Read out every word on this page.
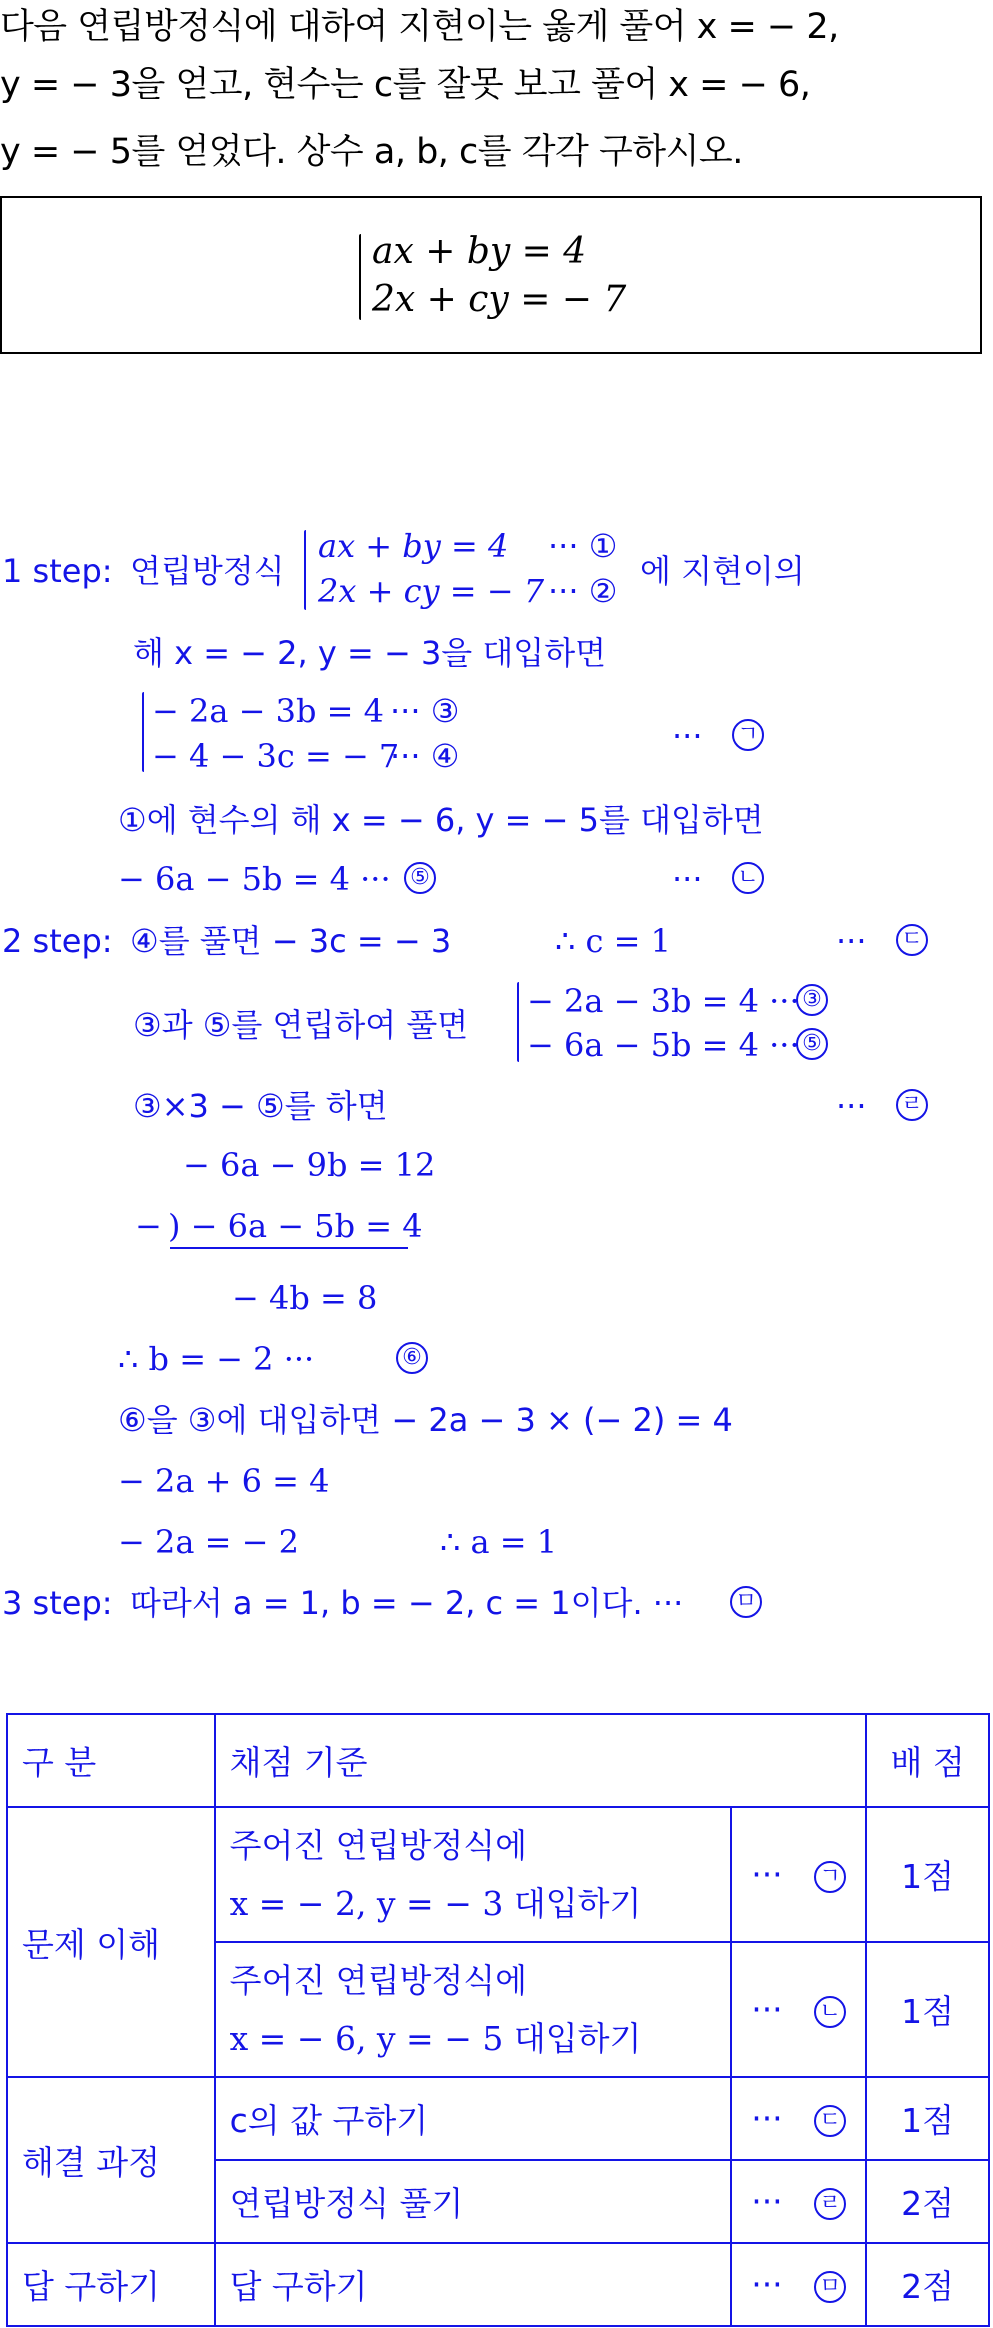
다음 연립방정식에 대하여 지현이는 옳게 풀어 x = − 2,
y = − 3을 얻고, 현수는 c를 잘못 보고 풀어 x = − 6,
y = − 5를 얻었다. 상수 a, b, c를 각각 구하시오.
ax + by = 4
2x + cy = − 7
1 step: 연립방정식
ax + by = 4 ··· ①
2x + cy = − 7 ··· ②
에 지현이의
해 x = − 2, y = − 3을 대입하면
− 2a − 3b = 4 ··· ③
− 4 − 3c = − 7
··· ④
··· ㄱ
①에 현수의 해 x = − 6, y = − 5를 대입하면
− 6a − 5b = 4 ··· ⑤	··· ㄴ
2 step: ④를 풀면 − 3c = − 3	∴ c = 1	··· ㄷ
③과 ⑤를 연립하여 풀면
− 2a − 3b = 4 ··· ③
− 6a − 5b = 4 ··· ⑤
③×3 − ⑤를 하면	··· ㄹ
− 6a − 9b = 12
− ) − 6a − 5b = 4
− 4b = 8
∴ b = − 2 ···	⑥
⑥을 ③에 대입하면 − 2a − 3 × (− 2) = 4
− 2a + 6 = 4
− 2a = − 2	∴ a = 1
3 step: 따라서 a = 1, b = − 2, c = 1이다. ··· ㅁ
구 분	채점 기준		배 점
문제 이해	주어진 연립방정식에
x = − 2, y = − 3 대입하기	··· ㄱ	1점

	주어진 연립방정식에
x = − 6, y = − 5 대입하기	··· ㄴ	1점
해결 과정	c의 값 구하기	··· ㄷ	1점

	연립방정식 풀기	··· ㄹ	2점
답 구하기	답 구하기	··· ㅁ	2점
